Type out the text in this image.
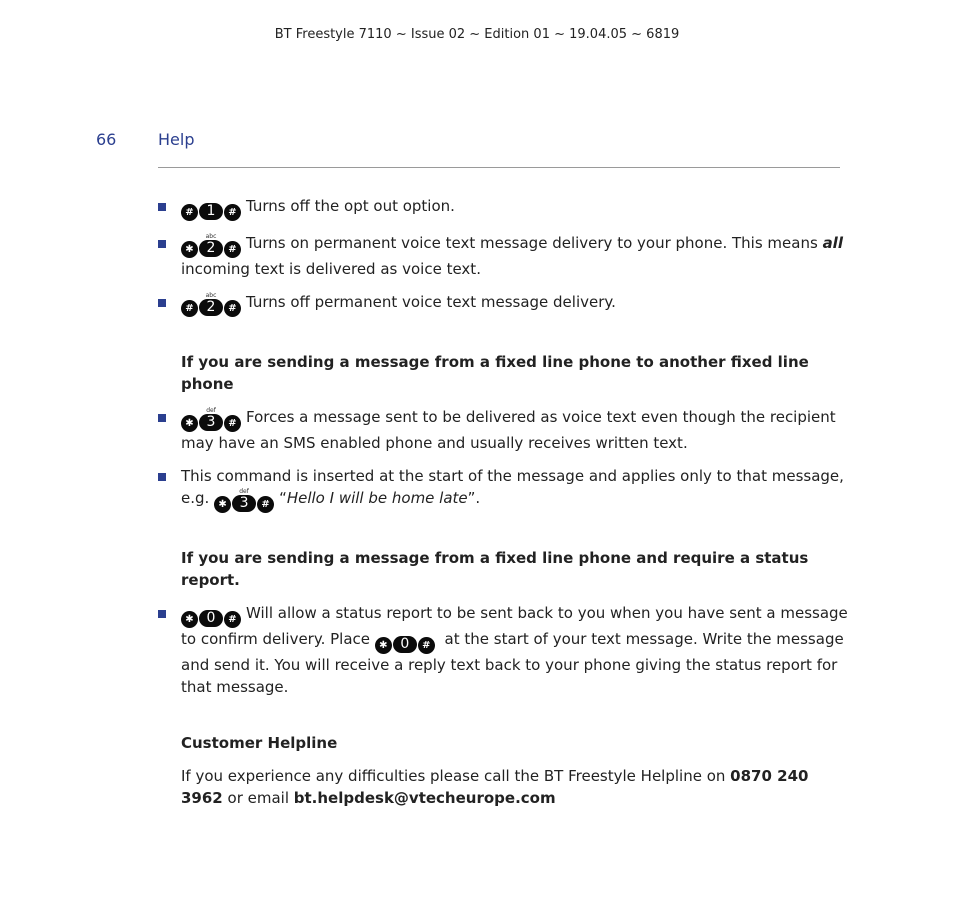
BT Freestyle 7110 ~ Issue 02 ~ Edition 01 ~ 19.04.05 ~ 6819
66	Help
# 1 # Turns off the opt out option.
✱
abc
2 # Turns on permanent voice text message delivery to your phone. This means all incoming text is delivered as voice text.
#
abc
2 # Turns off permanent voice text message delivery.
If you are sending a message from a fixed line phone to another fixed line phone
✱
def
3 # Forces a message sent to be delivered as voice text even though the recipient may have an SMS enabled phone and usually receives written text.
This command is inserted at the start of the message and applies only to that message, e.g. ✱
def
3 # “Hello I will be home late”.
If you are sending a message from a fixed line phone and require a status report.
✱ 0 # Will allow a status report to be sent back to you when you have sent a message to confirm delivery. Place ✱ 0 # at the start of your text message. Write the message and send it. You will receive a reply text back to your phone giving the status report for that message.
Customer Helpline
If you experience any difficulties please call the BT Freestyle Helpline on 0870 240 3962 or email bt.helpdesk@vtecheurope.com
